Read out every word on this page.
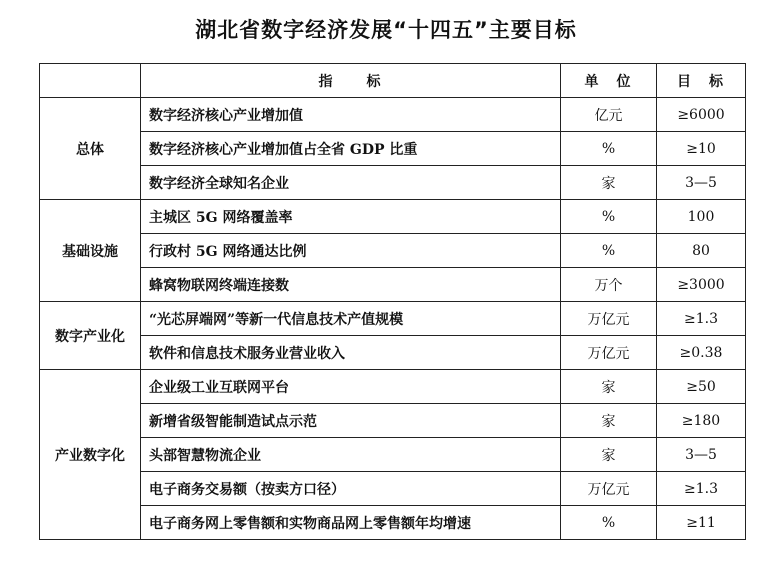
湖北省数字经济发展“十四五”主要目标
	指　　标	单　位	目　标
总体	数字经济核心产业增加值	亿元	≥6000
	数字经济核心产业增加值占全省 GDP 比重	%	≥10
	数字经济全球知名企业	家	3—5
基础设施	主城区 5G 网络覆盖率	%	100
	行政村 5G 网络通达比例	%	80
	蜂窝物联网终端连接数	万个	≥3000
数字产业化	“光芯屏端网”等新一代信息技术产值规模	万亿元	≥1.3
	软件和信息技术服务业营业收入	万亿元	≥0.38
产业数字化	企业级工业互联网平台	家	≥50
	新增省级智能制造试点示范	家	≥180
	头部智慧物流企业	家	3—5
	电子商务交易额（按卖方口径）	万亿元	≥1.3
	电子商务网上零售额和实物商品网上零售额年均增速	%	≥11
